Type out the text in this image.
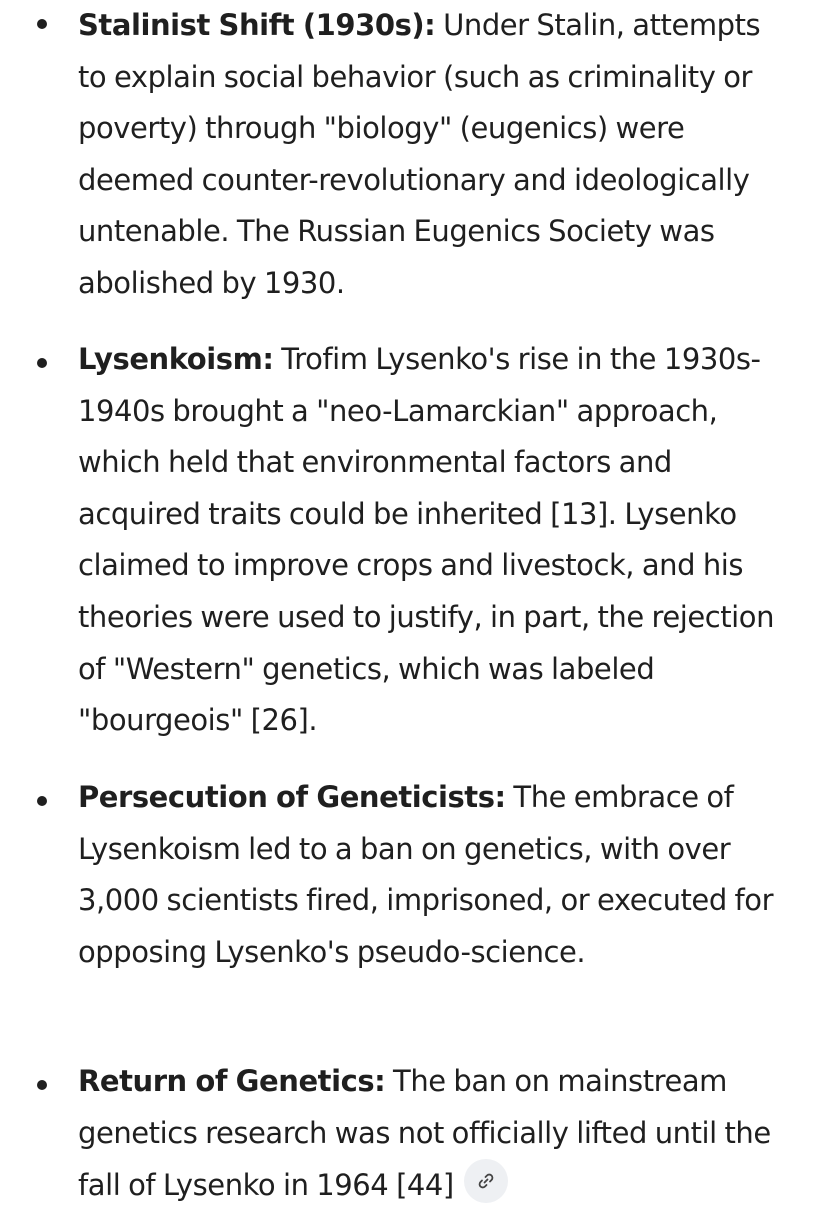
Stalinist Shift (1930s): Under Stalin, attempts to explain social behavior (such as criminality or poverty) through "biology" (eugenics) were deemed counter-revolutionary and ideologically untenable. The Russian Eugenics Society was abolished by 1930.

Lysenkoism: Trofim Lysenko's rise in the 1930s-1940s brought a "neo-Lamarckian" approach, which held that environmental factors and acquired traits could be inherited [13]. Lysenko claimed to improve crops and livestock, and his theories were used to justify, in part, the rejection of "Western" genetics, which was labeled "bourgeois" [26].

Persecution of Geneticists: The embrace of Lysenkoism led to a ban on genetics, with over 3,000 scientists fired, imprisoned, or executed for opposing Lysenko's pseudo-science.

Return of Genetics: The ban on mainstream genetics research was not officially lifted until the fall of Lysenko in 1964 [44]
